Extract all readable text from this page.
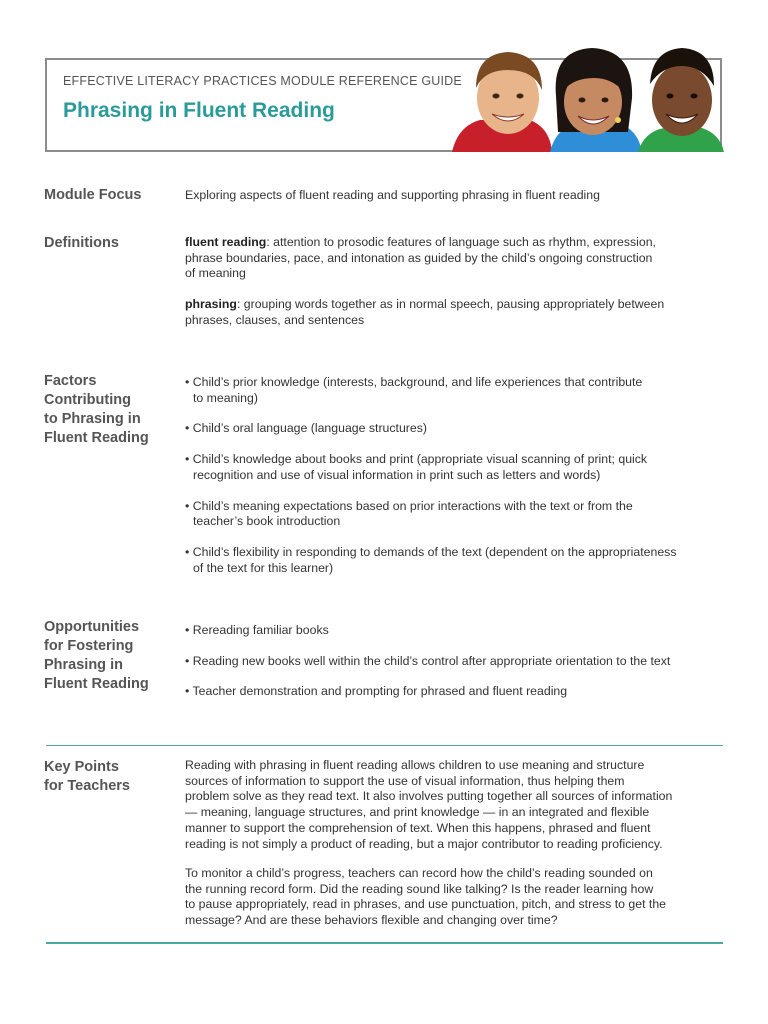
EFFECTIVE LITERACY PRACTICES MODULE REFERENCE GUIDE
Phrasing in Fluent Reading
Module Focus	Exploring aspects of fluent reading and supporting phrasing in fluent reading
Definitions	fluent reading: attention to prosodic features of language such as rhythm, expression,
phrase boundaries, pace, and intonation as guided by the child’s ongoing construction
of meaning
phrasing: grouping words together as in normal speech, pausing appropriately between
phrases, clauses, and sentences
Factors
Contributing
to Phrasing in
Fluent Reading
• Child’s prior knowledge (interests, background, and life experiences that contribute
to meaning)
• Child’s oral language (language structures)
• Child’s knowledge about books and print (appropriate visual scanning of print; quick
recognition and use of visual information in print such as letters and words)
• Child’s meaning expectations based on prior interactions with the text or from the
teacher’s book introduction
• Child’s flexibility in responding to demands of the text (dependent on the appropriateness
of the text for this learner)
Opportunities
for Fostering
Phrasing in
Fluent Reading
• Rereading familiar books
• Reading new books well within the child’s control after appropriate orientation to the text
• Teacher demonstration and prompting for phrased and fluent reading
Key Points
for Teachers
Reading with phrasing in fluent reading allows children to use meaning and structure
sources of information to support the use of visual information, thus helping them
problem solve as they read text. It also involves putting together all sources of information
— meaning, language structures, and print knowledge — in an integrated and flexible
manner to support the comprehension of text. When this happens, phrased and fluent
reading is not simply a product of reading, but a major contributor to reading proficiency.
To monitor a child’s progress, teachers can record how the child’s reading sounded on
the running record form. Did the reading sound like talking? Is the reader learning how
to pause appropriately, read in phrases, and use punctuation, pitch, and stress to get the
message? And are these behaviors flexible and changing over time?
